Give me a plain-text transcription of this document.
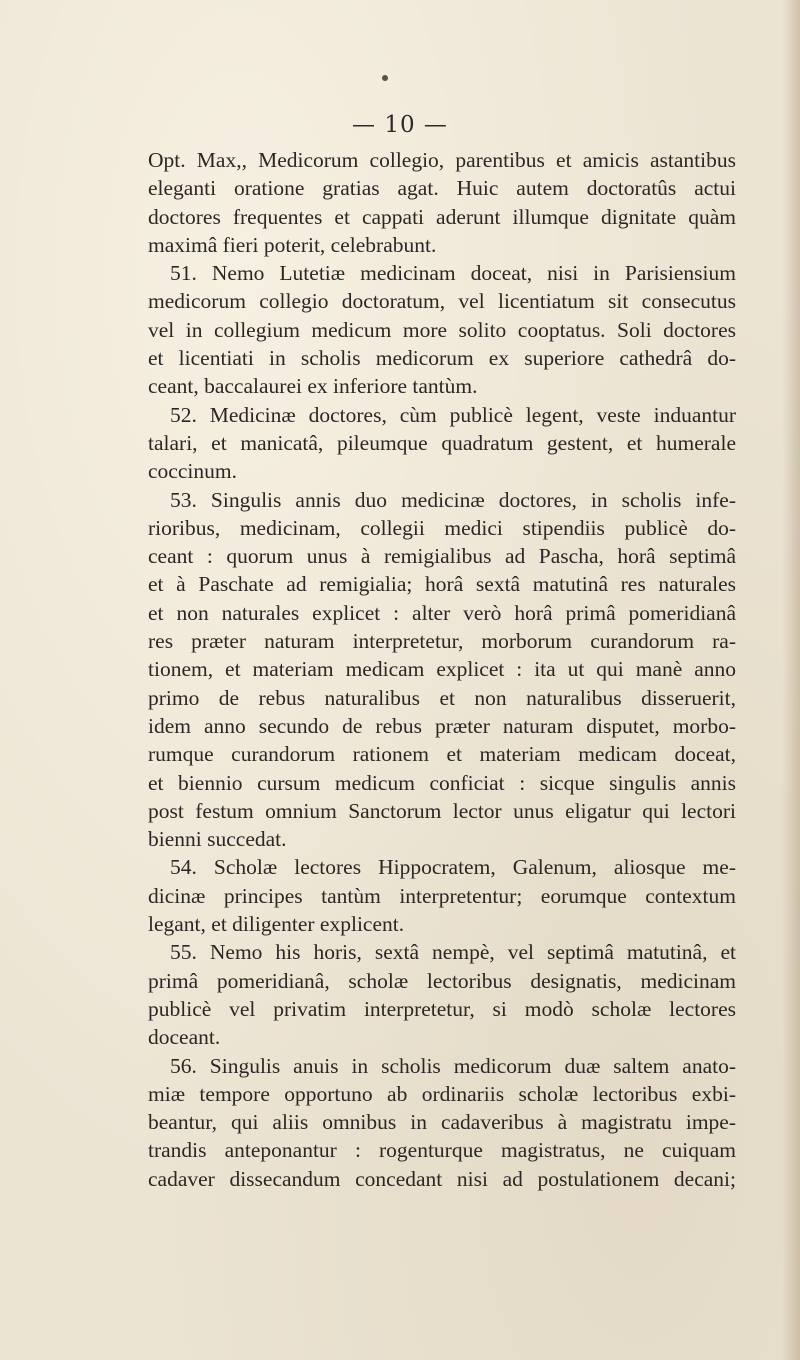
— 10 —
Opt. Max,, Medicorum collegio, parentibus et amicis astantibus
eleganti oratione gratias agat. Huic autem doctoratûs actui
doctores frequentes et cappati aderunt illumque dignitate quàm
maximâ fieri poterit, celebrabunt.
51. Nemo Lutetiæ medicinam doceat, nisi in Parisiensium
medicorum collegio doctoratum, vel licentiatum sit consecutus
vel in collegium medicum more solito cooptatus. Soli doctores
et licentiati in scholis medicorum ex superiore cathedrâ do-
ceant, baccalaurei ex inferiore tantùm.
52. Medicinæ doctores, cùm publicè legent, veste induantur
talari, et manicatâ, pileumque quadratum gestent, et humerale
coccinum.
53. Singulis annis duo medicinæ doctores, in scholis infe-
rioribus, medicinam, collegii medici stipendiis publicè do-
ceant : quorum unus à remigialibus ad Pascha, horâ septimâ
et à Paschate ad remigialia; horâ sextâ matutinâ res naturales
et non naturales explicet : alter verò horâ primâ pomeridianâ
res præter naturam interpretetur, morborum curandorum ra-
tionem, et materiam medicam explicet : ita ut qui manè anno
primo de rebus naturalibus et non naturalibus disseruerit,
idem anno secundo de rebus præter naturam disputet, morbo-
rumque curandorum rationem et materiam medicam doceat,
et biennio cursum medicum conficiat : sicque singulis annis
post festum omnium Sanctorum lector unus eligatur qui lectori
bienni succedat.
54. Scholæ lectores Hippocratem, Galenum, aliosque me-
dicinæ principes tantùm interpretentur; eorumque contextum
legant, et diligenter explicent.
55. Nemo his horis, sextâ nempè, vel septimâ matutinâ, et
primâ pomeridianâ, scholæ lectoribus designatis, medicinam
publicè vel privatim interpretetur, si modò scholæ lectores
doceant.
56. Singulis anuis in scholis medicorum duæ saltem anato-
miæ tempore opportuno ab ordinariis scholæ lectoribus exbi-
beantur, qui aliis omnibus in cadaveribus à magistratu impe-
trandis anteponantur : rogenturque magistratus, ne cuiquam
cadaver dissecandum concedant nisi ad postulationem decani;
